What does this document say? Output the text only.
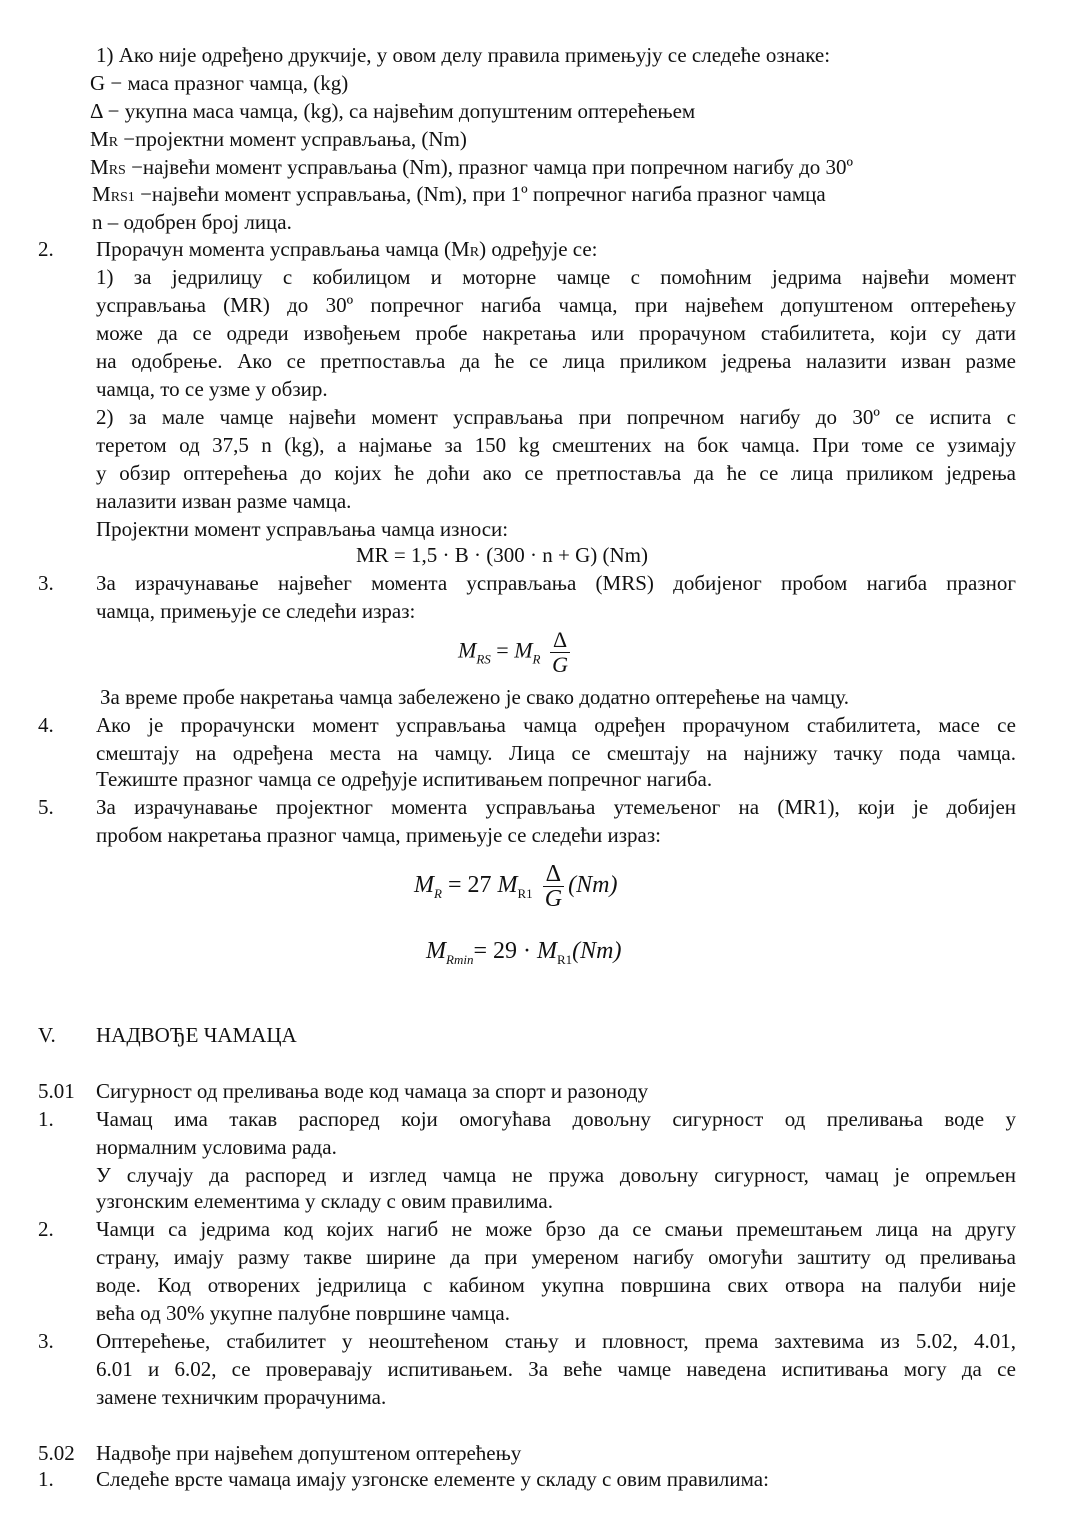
1) Ако није одређено друкчије, у овом делу правила примењују се следеће ознаке:
G − маса празног чамца, (kg)
Δ − укупна маса чамца, (kg), са највећим допуштеним оптерећењем
MR −пројектни момент усправљања, (Nm)
MRS −највећи момент усправљања (Nm), празног чамца при попречном нагибу до 30º
MRS1 −највећи момент усправљања, (Nm), при 1º попречног нагиба празног чамца
n – одобрен број лица.
2. Прорачун момента усправљања чамца (MR) одређује се:
1) за једрилицу с кобилицом и моторне чамце с помоћним једрима највећи момент
усправљања (MR) до 30º попречног нагиба чамца, при највећем допуштеном оптерећењу
може да се одреди извођењем пробе накретања или прорачуном стабилитета, који су дати
на одобрење. Ако се претпоставља да ће се лица приликом једрења налазити изван разме
чамца, то се узме у обзир.
2) за мале чамце највећи момент усправљања при попречном нагибу до 30º се испита с
теретом од 37,5 n (kg), а најмање за 150 kg смештених на бок чамца. При томе се узимају
у обзир оптерећења до којих ће доћи ако се претпоставља да ће се лица приликом једрења
налазити изван разме чамца.
Пројектни момент усправљања чамца износи:
MR = 1,5 · B · (300 · n + G) (Nm)
3. За израчунавање највећег момента усправљања (MRS) добијеног пробом нагиба празног
чамца, примењује се следећи израз:
$M_{RS} = M_R \frac{\Delta}{G}$
За време пробе накретања чамца забележено је свако додатно оптерећење на чамцу.
4. Ако је прорачунски момент усправљања чамца одређен прорачуном стабилитета, масе се
смештају на одређена места на чамцу. Лица се смештају на најнижу тачку пода чамца.
Тежиште празног чамца се одређује испитивањем попречног нагиба.
5. За израчунавање пројектног момента усправљања утемељеног на (MR1), који је добијен
пробом накретања празног чамца, примењује се следећи израз:
$M_R = 27$ $M_{R1} \frac{\Delta}{G} (Nm)$
$M_{Rmin}= 29 \cdot M_{R1}(Nm)$
V. НАДВОЂЕ ЧАМАЦА
5.01 Сигурност од преливања воде код чамаца за спорт и разоноду
1. Чамац има такав распоред који омогућава довољну сигурност од преливања воде у
нормалним условима рада.
У случају да распоред и изглед чамца не пружа довољну сигурност, чамац је опремљен
узгонским елементима у складу с овим правилима.
2. Чамци са једрима код којих нагиб не може брзо да се смањи премештањем лица на другу
страну, имају разму такве ширине да при умереном нагибу омогући заштиту од преливања
воде. Код отворених једрилица с кабином укупна површина свих отвора на палуби није
већа од 30% укупне палубне површине чамца.
3. Оптерећење, стабилитет у неоштећеном стању и пловност, према захтевима из 5.02, 4.01,
6.01 и 6.02, се проверавају испитивањем. За веће чамце наведена испитивања могу да се
замене техничким прорачунима.
5.02 Надвође при највећем допуштеном оптерећењу
1. Следеће врсте чамаца имају узгонске елементе у складу с овим правилима:
